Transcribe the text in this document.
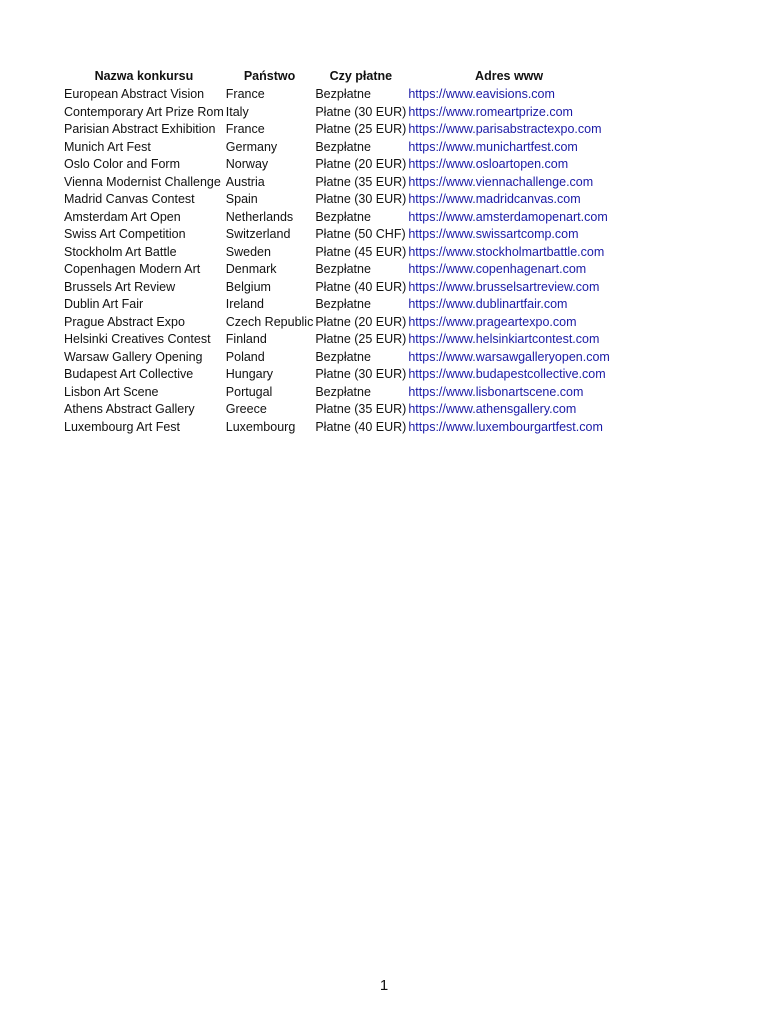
Nazwa konkursu	Państwo	Czy płatne	Adres www
European Abstract Vision	France	Bezpłatne	https://www.eavisions.com
Contemporary Art Prize Rom	Italy	Płatne (30 EUR)	https://www.romeartprize.com
Parisian Abstract Exhibition	France	Płatne (25 EUR)	https://www.parisabstractexpo.com
Munich Art Fest	Germany	Bezpłatne	https://www.munichartfest.com
Oslo Color and Form	Norway	Płatne (20 EUR)	https://www.osloartopen.com
Vienna Modernist Challenge	Austria	Płatne (35 EUR)	https://www.viennachallenge.com
Madrid Canvas Contest	Spain	Płatne (30 EUR)	https://www.madridcanvas.com
Amsterdam Art Open	Netherlands	Bezpłatne	https://www.amsterdamopenart.com
Swiss Art Competition	Switzerland	Płatne (50 CHF)	https://www.swissartcomp.com
Stockholm Art Battle	Sweden	Płatne (45 EUR)	https://www.stockholmartbattle.com
Copenhagen Modern Art	Denmark	Bezpłatne	https://www.copenhagenart.com
Brussels Art Review	Belgium	Płatne (40 EUR)	https://www.brusselsartreview.com
Dublin Art Fair	Ireland	Bezpłatne	https://www.dublinartfair.com
Prague Abstract Expo	Czech Republic	Płatne (20 EUR)	https://www.prageartexpo.com
Helsinki Creatives Contest	Finland	Płatne (25 EUR)	https://www.helsinkiartcontest.com
Warsaw Gallery Opening	Poland	Bezpłatne	https://www.warsawgalleryopen.com
Budapest Art Collective	Hungary	Płatne (30 EUR)	https://www.budapestcollective.com
Lisbon Art Scene	Portugal	Bezpłatne	https://www.lisbonartscene.com
Athens Abstract Gallery	Greece	Płatne (35 EUR)	https://www.athensgallery.com
Luxembourg Art Fest	Luxembourg	Płatne (40 EUR)	https://www.luxembourgartfest.com
1
